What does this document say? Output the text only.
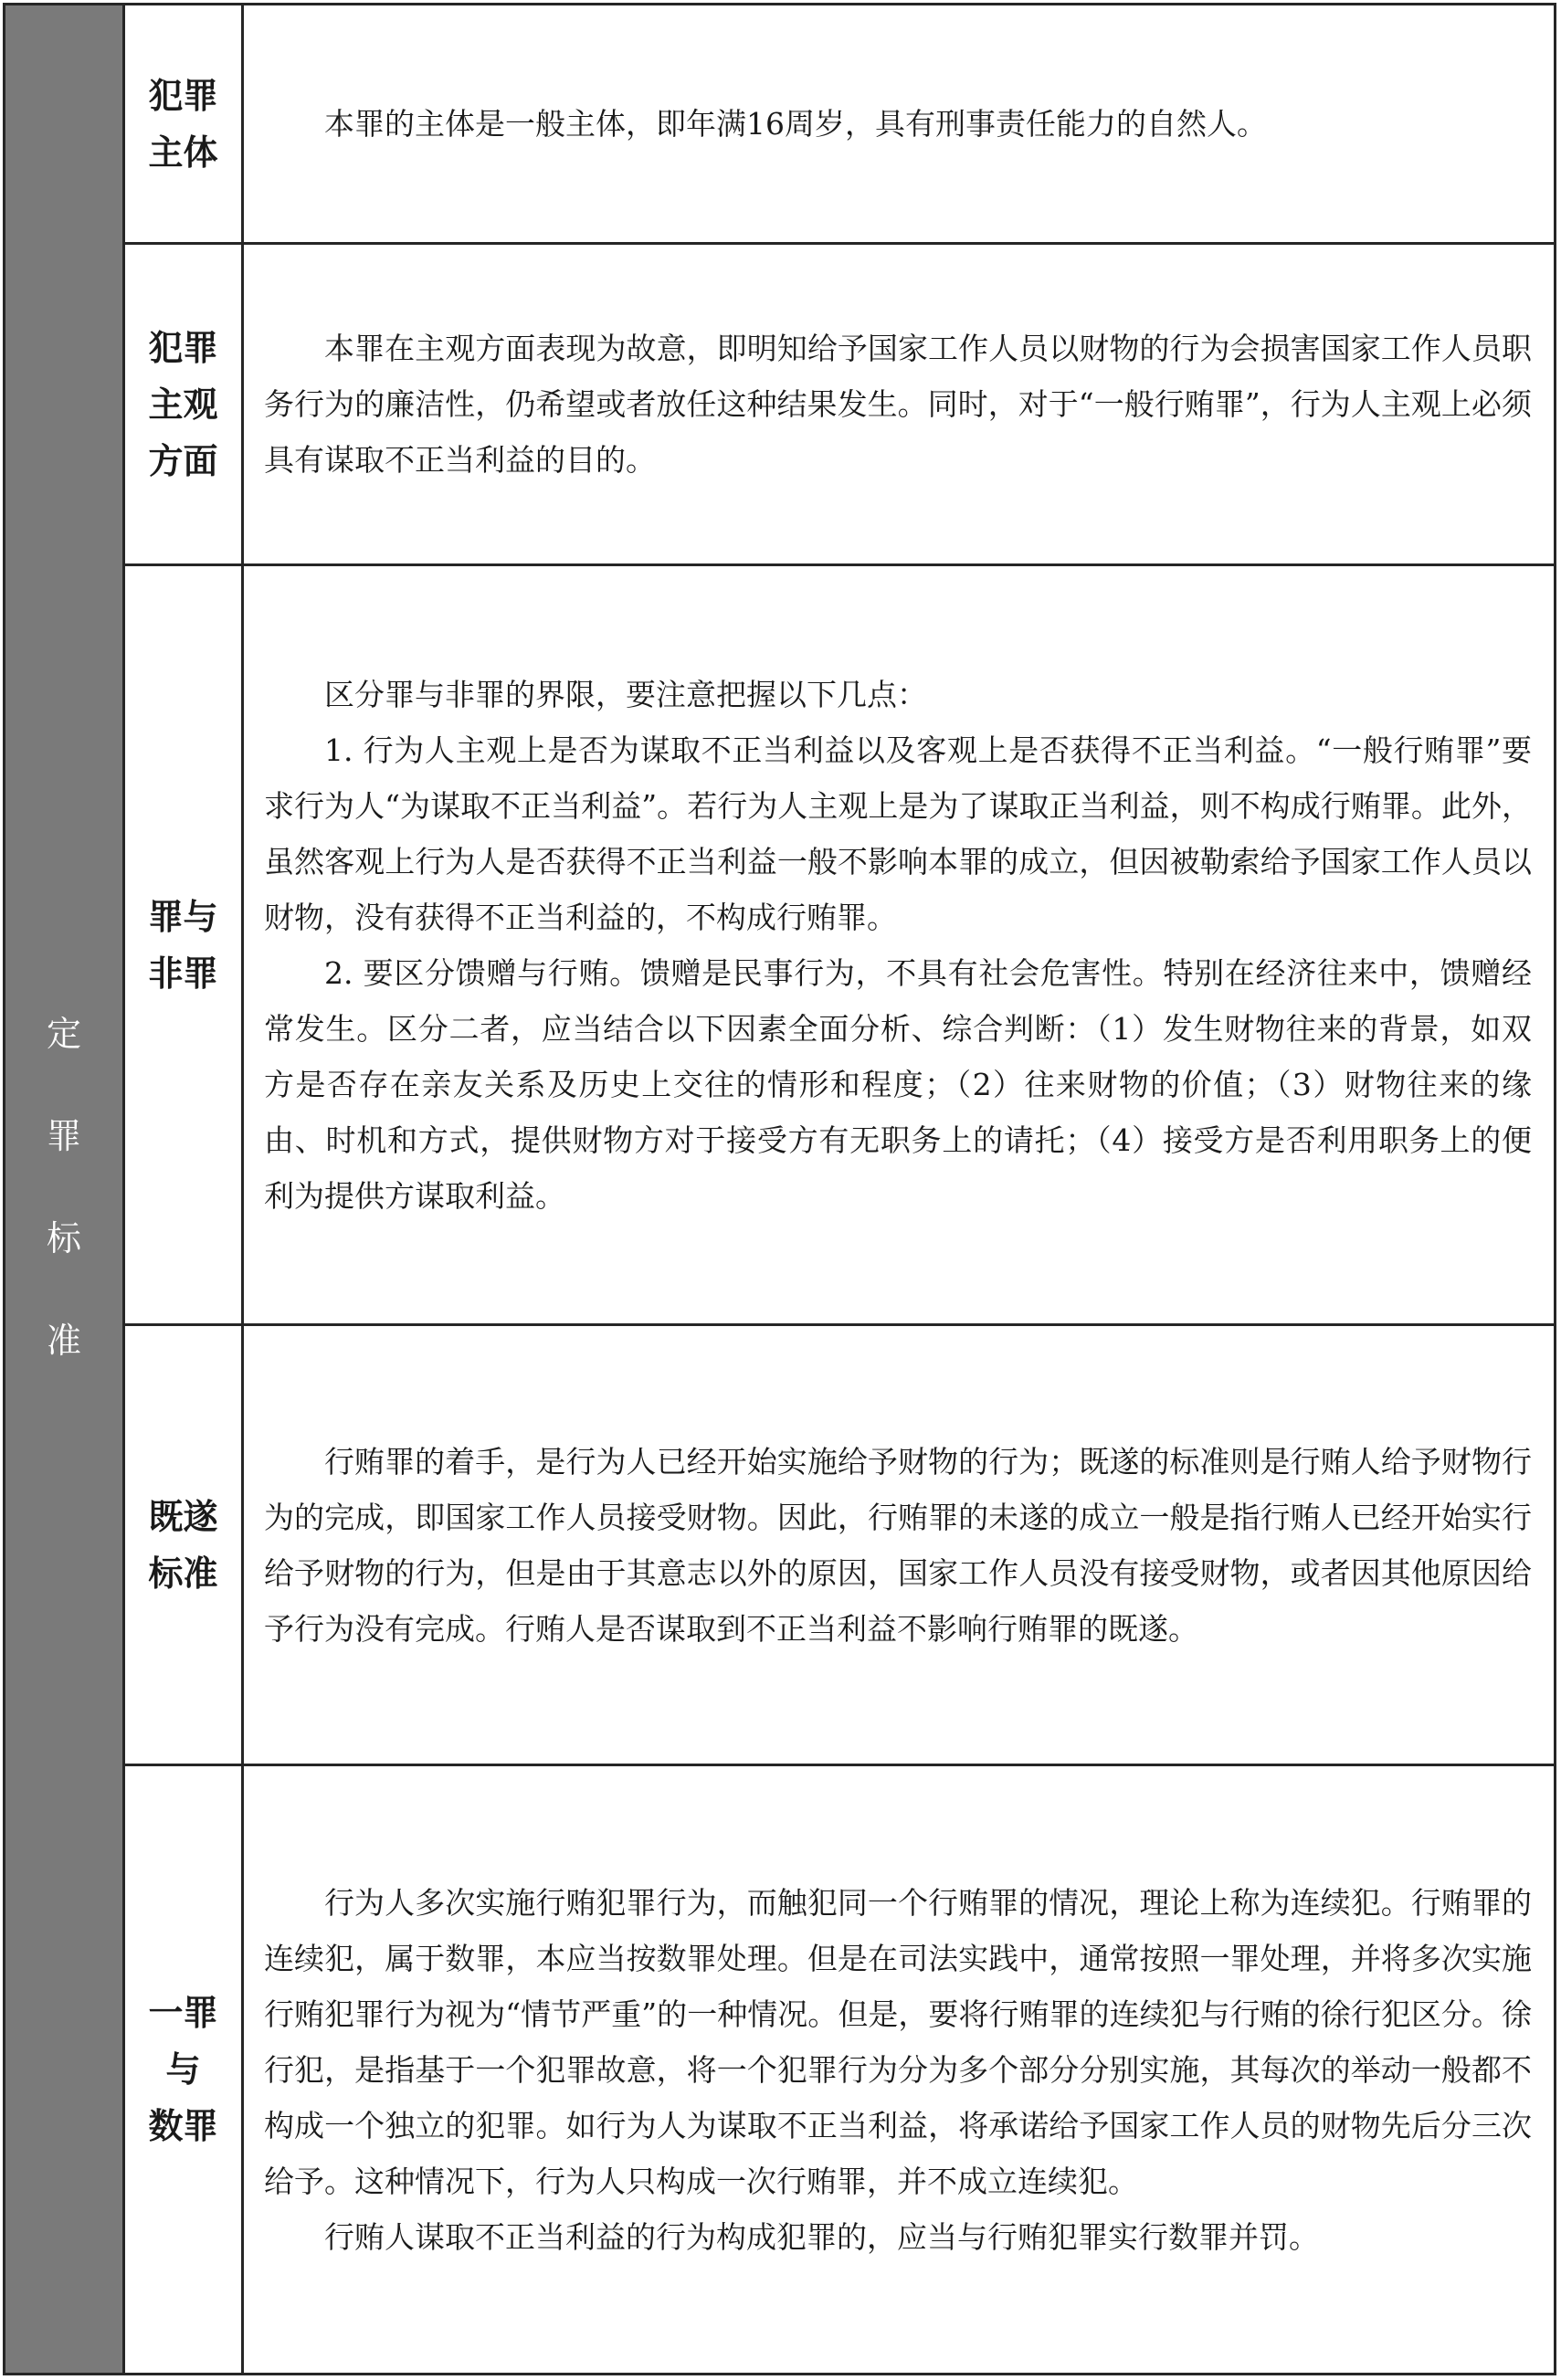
定
罪
标
准
犯罪
主体

本罪的主体是一般主体，即年满16周岁，具有刑事责任能力的自然人。

犯罪
主观
方面

本罪在主观方面表现为故意，即明知给予国家工作人员以财物的行为会损害国家工作人员职务行为的廉洁性，仍希望或者放任这种结果发生。同时，对于“一般行贿罪”，行为人主观上必须具有谋取不正当利益的目的。

罪与
非罪

区分罪与非罪的界限，要注意把握以下几点：

1. 行为人主观上是否为谋取不正当利益以及客观上是否获得不正当利益。“一般行贿罪”要求行为人“为谋取不正当利益”。若行为人主观上是为了谋取正当利益，则不构成行贿罪。此外，虽然客观上行为人是否获得不正当利益一般不影响本罪的成立，但因被勒索给予国家工作人员以财物，没有获得不正当利益的，不构成行贿罪。

2. 要区分馈赠与行贿。馈赠是民事行为，不具有社会危害性。特别在经济往来中，馈赠经常发生。区分二者，应当结合以下因素全面分析、综合判断：（1）发生财物往来的背景，如双方是否存在亲友关系及历史上交往的情形和程度；（2）往来财物的价值；（3）财物往来的缘由、时机和方式，提供财物方对于接受方有无职务上的请托；（4）接受方是否利用职务上的便利为提供方谋取利益。

既遂
标准

行贿罪的着手，是行为人已经开始实施给予财物的行为；既遂的标准则是行贿人给予财物行为的完成，即国家工作人员接受财物。因此，行贿罪的未遂的成立一般是指行贿人已经开始实行给予财物的行为，但是由于其意志以外的原因，国家工作人员没有接受财物，或者因其他原因给予行为没有完成。行贿人是否谋取到不正当利益不影响行贿罪的既遂。

一罪
与
数罪

行为人多次实施行贿犯罪行为，而触犯同一个行贿罪的情况，理论上称为连续犯。行贿罪的连续犯，属于数罪，本应当按数罪处理。但是在司法实践中，通常按照一罪处理，并将多次实施行贿犯罪行为视为“情节严重”的一种情况。但是，要将行贿罪的连续犯与行贿的徐行犯区分。徐行犯，是指基于一个犯罪故意，将一个犯罪行为分为多个部分分别实施，其每次的举动一般都不构成一个独立的犯罪。如行为人为谋取不正当利益，将承诺给予国家工作人员的财物先后分三次给予。这种情况下，行为人只构成一次行贿罪，并不成立连续犯。

行贿人谋取不正当利益的行为构成犯罪的，应当与行贿犯罪实行数罪并罚。
